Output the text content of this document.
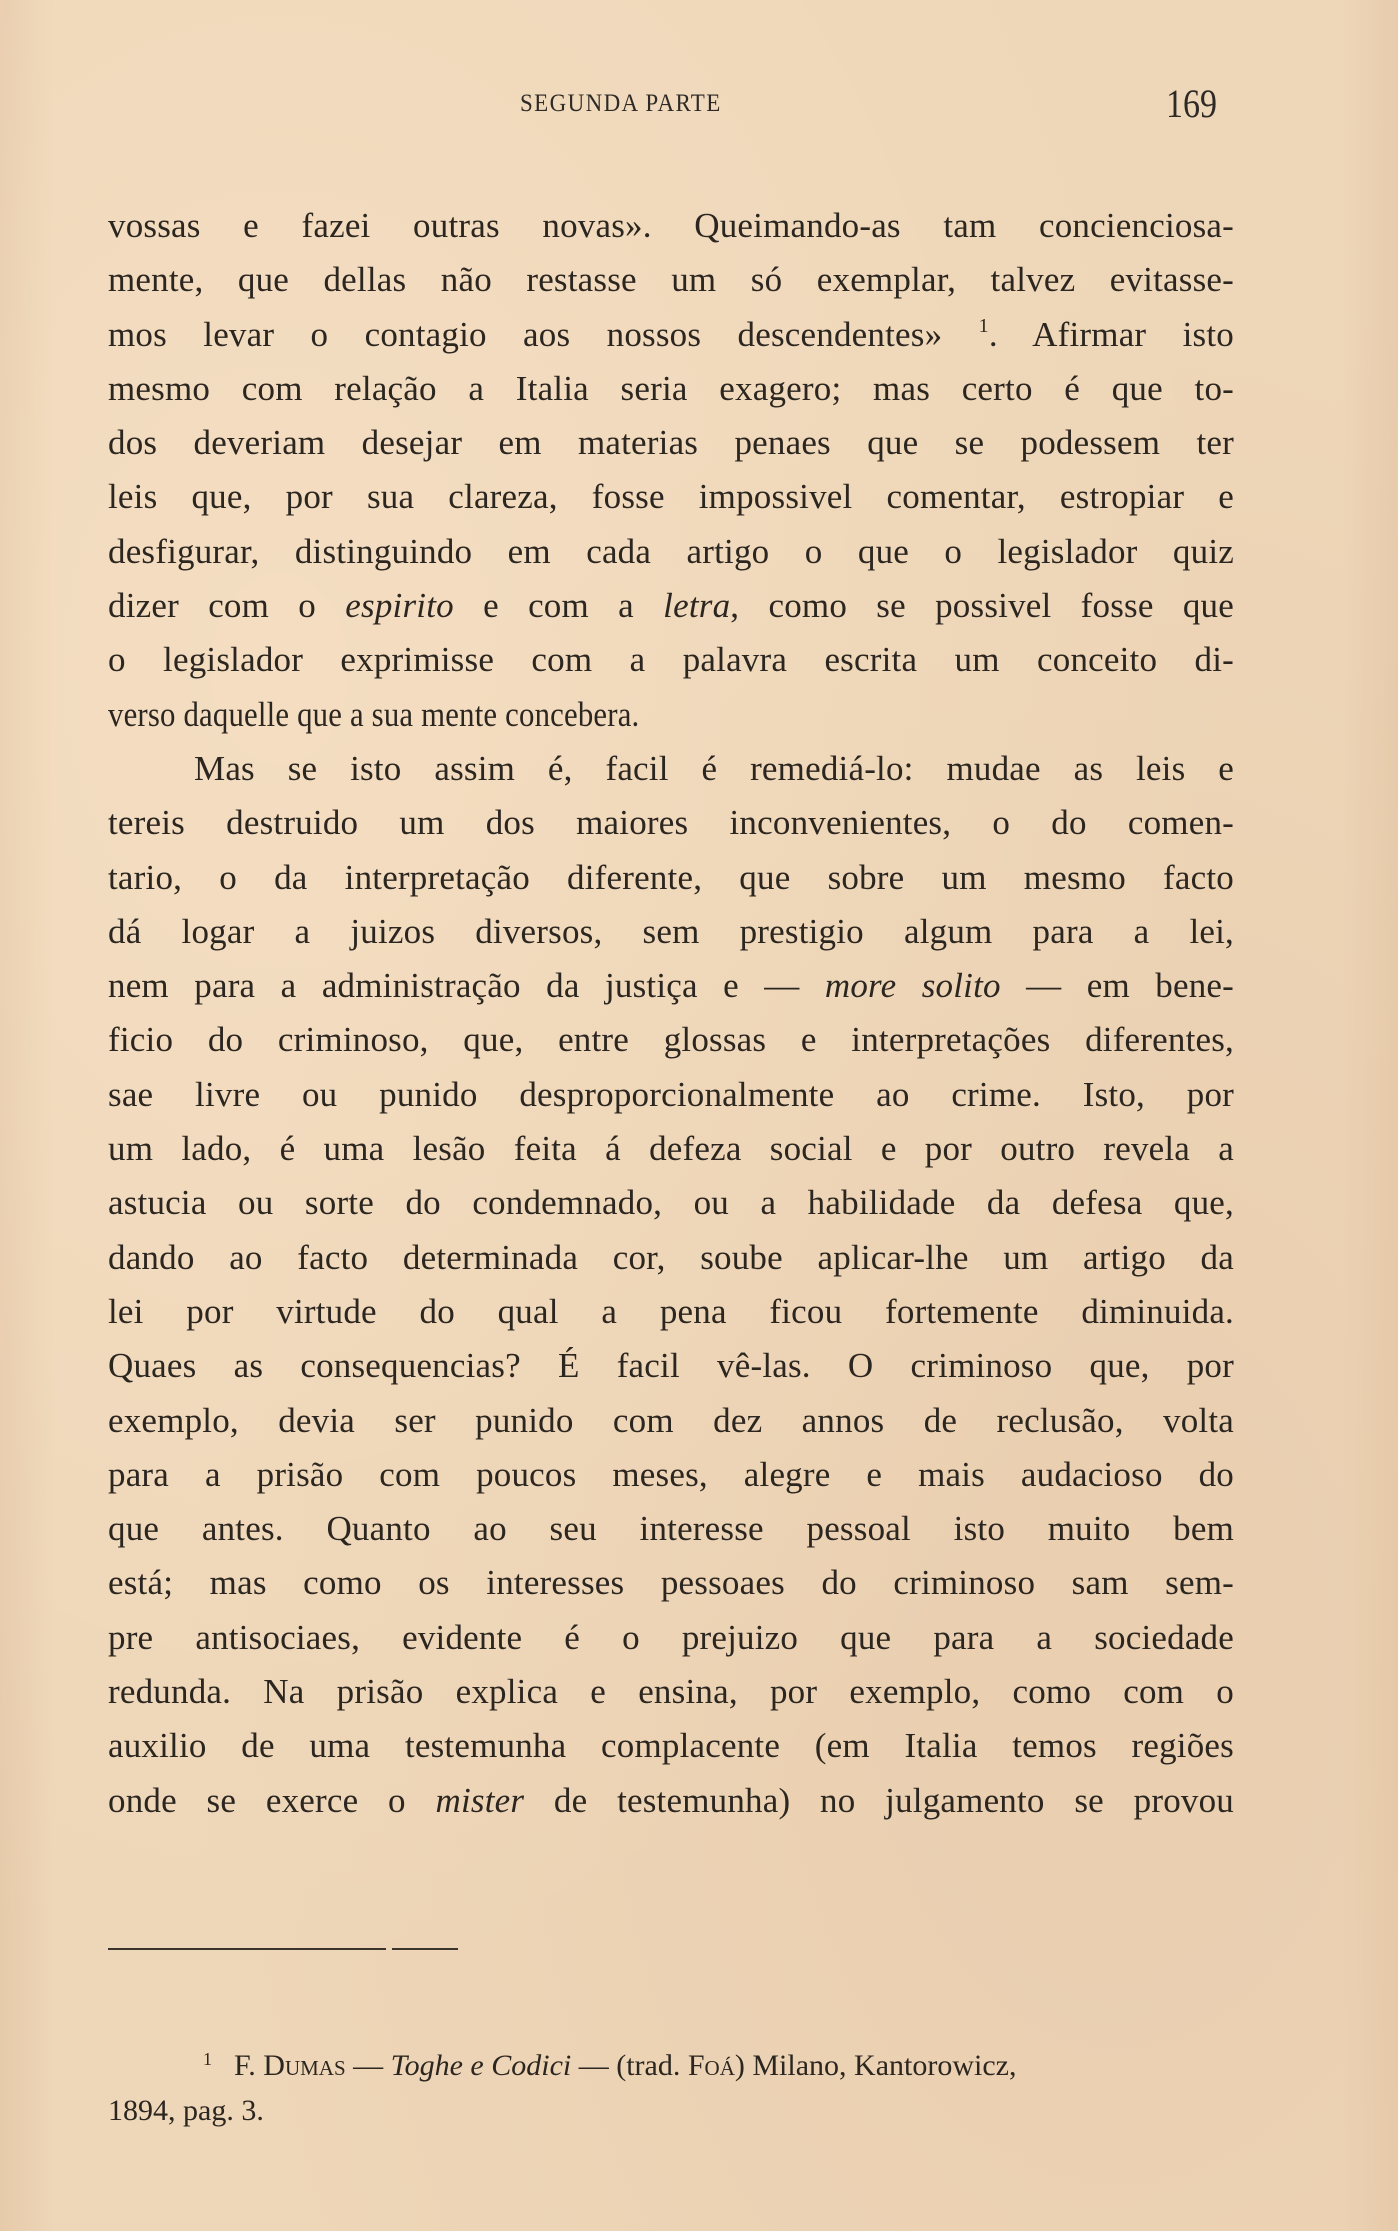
SEGUNDA PARTE	169
vossas e fazei outras novas». Queimando-as tam concienciosa-
mente, que dellas não restasse um só exemplar, talvez evitasse-
mos levar o contagio aos nossos descendentes» $^1$. Afirmar isto
mesmo com relação a Italia seria exagero; mas certo é que to-
dos deveriam desejar em materias penaes que se podessem ter
leis que, por sua clareza, fosse impossivel comentar, estropiar e
desfigurar, distinguindo em cada artigo o que o legislador quiz
dizer com o espirito e com a letra, como se possivel fosse que
o legislador exprimisse com a palavra escrita um conceito di-
verso daquelle que a sua mente concebera.
Mas se isto assim é, facil é remediá-lo: mudae as leis e
tereis destruido um dos maiores inconvenientes, o do comen-
tario, o da interpretação diferente, que sobre um mesmo facto
dá logar a juizos diversos, sem prestigio algum para a lei,
nem para a administração da justiça e — more solito — em bene-
ficio do criminoso, que, entre glossas e interpretações diferentes,
sae livre ou punido desproporcionalmente ao crime. Isto, por
um lado, é uma lesão feita á defeza social e por outro revela a
astucia ou sorte do condemnado, ou a habilidade da defesa que,
dando ao facto determinada cor, soube aplicar-lhe um artigo da
lei por virtude do qual a pena ficou fortemente diminuida.
Quaes as consequencias? É facil vê-las. O criminoso que, por
exemplo, devia ser punido com dez annos de reclusão, volta
para a prisão com poucos meses, alegre e mais audacioso do
que antes. Quanto ao seu interesse pessoal isto muito bem
está; mas como os interesses pessoaes do criminoso sam sem-
pre antisociaes, evidente é o prejuizo que para a sociedade
redunda. Na prisão explica e ensina, por exemplo, como com o
auxilio de uma testemunha complacente (em Italia temos regiões
onde se exerce o mister de testemunha) no julgamento se provou
$^1$ F. Dumas — Toghe e Codici — (trad. Foá) Milano, Kantorowicz,
1894, pag. 3.
